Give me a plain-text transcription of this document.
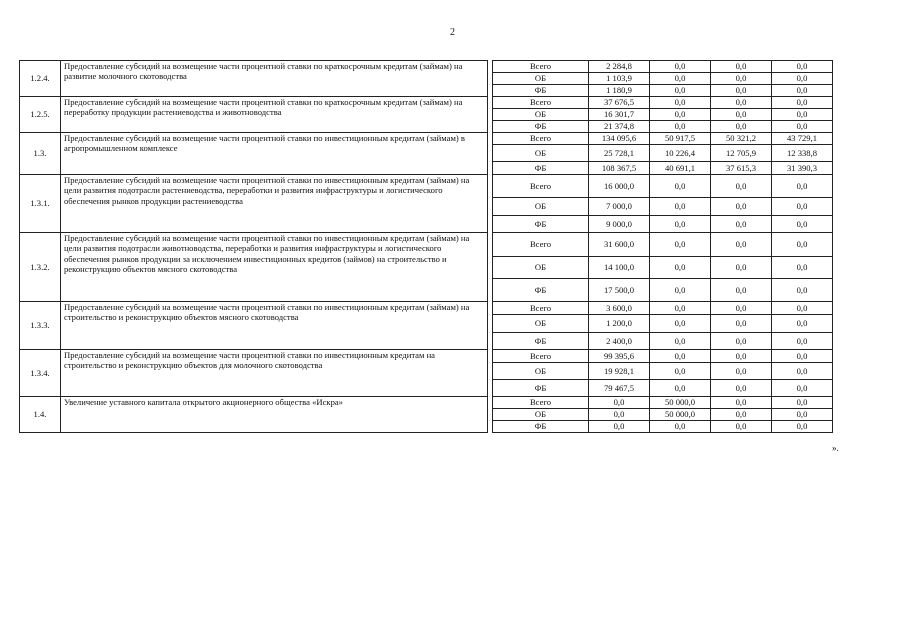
2
1.2.4.	Предоставление субсидий на возмещение части процентной ставки по краткосрочным кредитам (займам) на развитие молочного скотоводства		Всего	2 284,8	0,0	0,0	0,0
			ОБ	1 103,9	0,0	0,0	0,0
			ФБ	1 180,9	0,0	0,0	0,0
1.2.5.	Предоставление субсидий на возмещение части процентной ставки по краткосрочным кредитам (займам) на переработку продукции растениеводства и животноводства		Всего	37 676,5	0,0	0,0	0,0
			ОБ	16 301,7	0,0	0,0	0,0
			ФБ	21 374,8	0,0	0,0	0,0
1.3.	Предоставление субсидий на возмещение части процентной ставки по инвестиционным кредитам (займам) в агропромышленном комплексе		Всего	134 095,6	50 917,5	50 321,2	43 729,1
			ОБ	25 728,1	10 226,4	12 705,9	12 338,8
			ФБ	108 367,5	40 691,1	37 615,3	31 390,3
1.3.1.	Предоставление субсидий на возмещение части процентной ставки по инвестиционным кредитам (займам) на цели развития подотрасли растениеводства, переработки и развития инфраструктуры и логистического обеспечения рынков продукции растениеводства		Всего	16 000,0	0,0	0,0	0,0
			ОБ	7 000,0	0,0	0,0	0,0
			ФБ	9 000,0	0,0	0,0	0,0
1.3.2.	Предоставление субсидий на возмещение части процентной ставки по инвестиционным кредитам (займам) на цели развития подотрасли животноводства, переработки и развития инфраструктуры и логистического обеспечения рынков продукции за исключением инвестиционных кредитов (займов) на строительство и реконструкцию объектов мясного скотоводства		Всего	31 600,0	0,0	0,0	0,0
			ОБ	14 100,0	0,0	0,0	0,0
			ФБ	17 500,0	0,0	0,0	0,0
1.3.3.	Предоставление субсидий на возмещение части процентной ставки по инвестиционным кредитам (займам) на строительство и реконструкцию объектов мясного скотоводства		Всего	3 600,0	0,0	0,0	0,0
			ОБ	1 200,0	0,0	0,0	0,0
			ФБ	2 400,0	0,0	0,0	0,0
1.3.4.	Предоставление субсидий на возмещение части процентной ставки по инвестиционным кредитам на строительство и реконструкцию объектов для молочного скотоводства		Всего	99 395,6	0,0	0,0	0,0
			ОБ	19 928,1	0,0	0,0	0,0
			ФБ	79 467,5	0,0	0,0	0,0
1.4.	Увеличение уставного капитала открытого акционерного общества «Искра»		Всего	0,0	50 000,0	0,0	0,0
			ОБ	0,0	50 000,0	0,0	0,0
			ФБ	0,0	0,0	0,0	0,0
».
